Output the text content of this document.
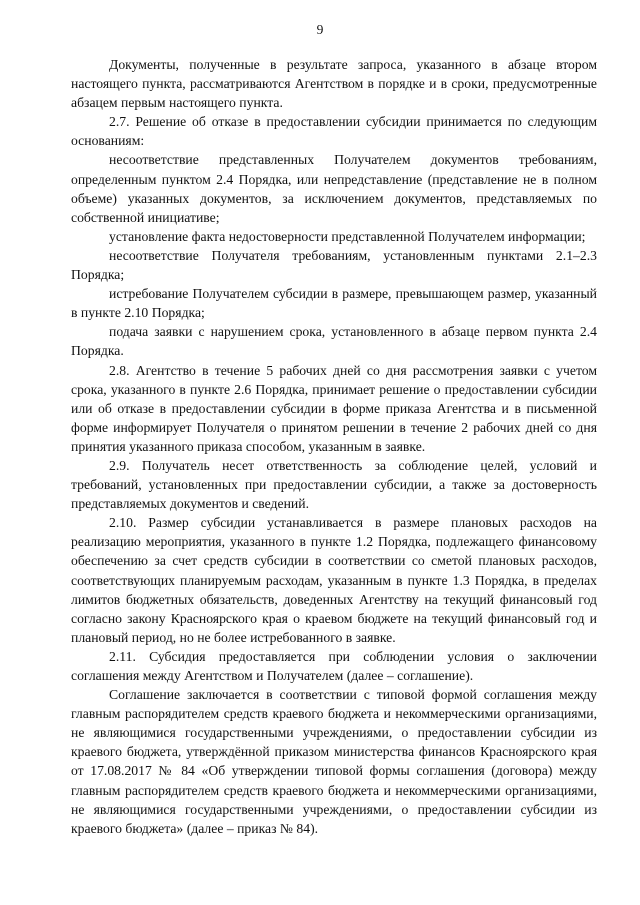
9

Документы, полученные в результате запроса, указанного в абзаце втором настоящего пункта, рассматриваются Агентством в порядке и в сроки, предусмотренные абзацем первым настоящего пункта.

2.7. Решение об отказе в предоставлении субсидии принимается по следующим основаниям:

несоответствие представленных Получателем документов требованиям, определенным пунктом 2.4 Порядка, или непредставление (представление не в полном объеме) указанных документов, за исключением документов, представляемых по собственной инициативе;

установление факта недостоверности представленной Получателем информации;

несоответствие Получателя требованиям, установленным пунктами 2.1–2.3 Порядка;

истребование Получателем субсидии в размере, превышающем размер, указанный в пункте 2.10 Порядка;

подача заявки с нарушением срока, установленного в абзаце первом пункта 2.4 Порядка.

2.8. Агентство в течение 5 рабочих дней со дня рассмотрения заявки с учетом срока, указанного в пункте 2.6 Порядка, принимает решение о предоставлении субсидии или об отказе в предоставлении субсидии в форме приказа Агентства и в письменной форме информирует Получателя о принятом решении в течение 2 рабочих дней со дня принятия указанного приказа способом, указанным в заявке.

2.9. Получатель несет ответственность за соблюдение целей, условий и требований, установленных при предоставлении субсидии, а также за достоверность представляемых документов и сведений.

2.10. Размер субсидии устанавливается в размере плановых расходов на реализацию мероприятия, указанного в пункте 1.2 Порядка, подлежащего финансовому обеспечению за счет средств субсидии в соответствии со сметой плановых расходов, соответствующих планируемым расходам, указанным в пункте 1.3 Порядка, в пределах лимитов бюджетных обязательств, доведенных Агентству на текущий финансовый год согласно закону Красноярского края о краевом бюджете на текущий финансовый год и плановый период, но не более истребованного в заявке.

2.11. Субсидия предоставляется при соблюдении условия о заключении соглашения между Агентством и Получателем (далее – соглашение).

Соглашение заключается в соответствии с типовой формой соглашения между главным распорядителем средств краевого бюджета и некоммерческими организациями, не являющимися государственными учреждениями, о предоставлении субсидии из краевого бюджета, утверждённой приказом министерства финансов Красноярского края от 17.08.2017 № 84 «Об утверждении типовой формы соглашения (договора) между главным распорядителем средств краевого бюджета и некоммерческими организациями, не являющимися государственными учреждениями, о предоставлении субсидии из краевого бюджета» (далее – приказ № 84).
